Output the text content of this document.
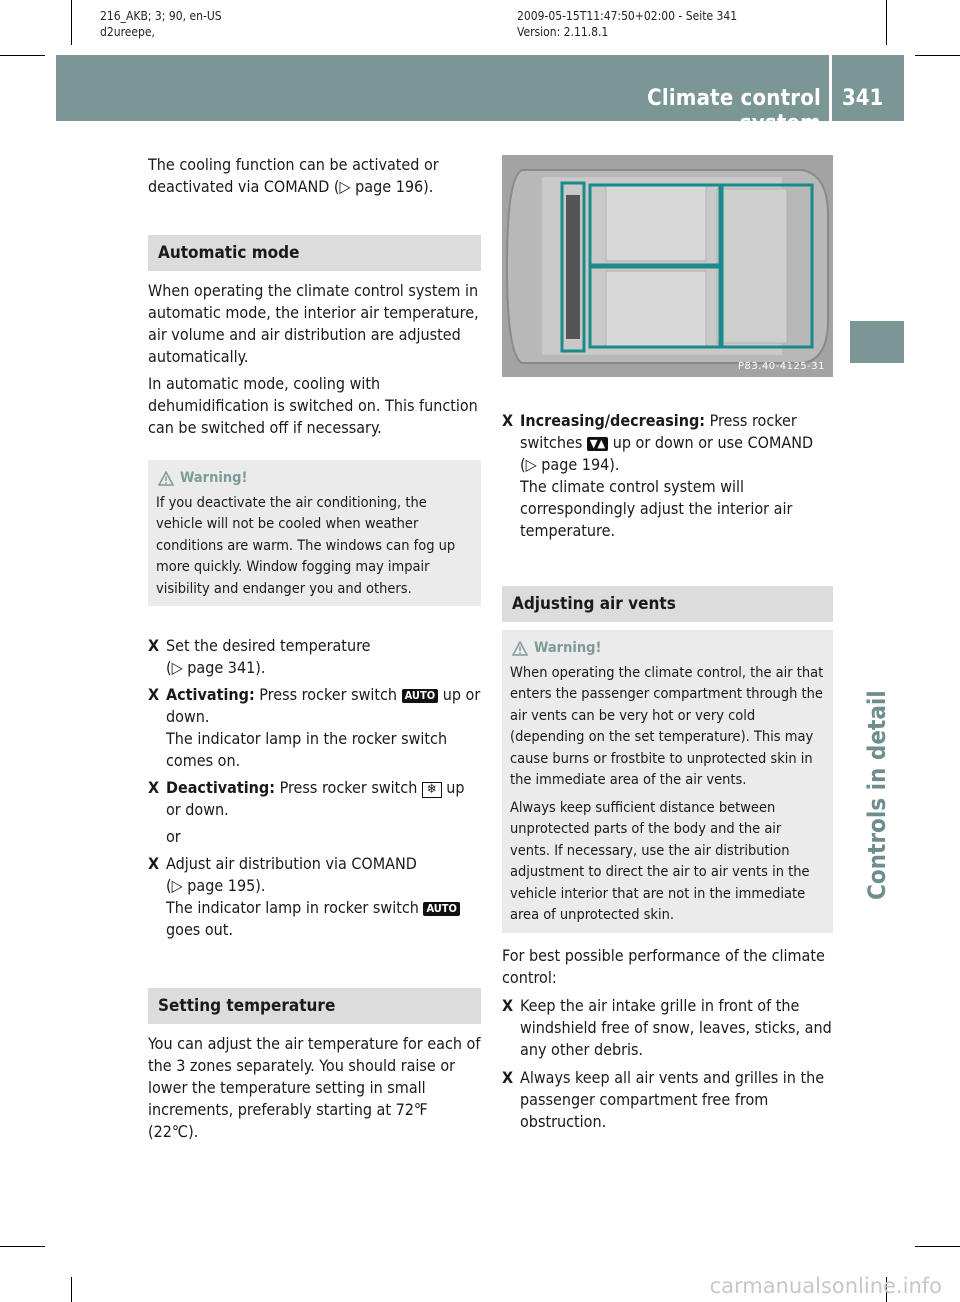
216_AKB; 3; 90, en-US
d2ureepe,
2009-05-15T11:47:50+02:00 - Seite 341
Version: 2.11.8.1
Climate control system
341
Controls in detail

The cooling function can be activated or deactivated via COMAND (▷ page 196).

Automatic mode

When operating the climate control system in automatic mode, the interior air temperature, air volume and air distribution are adjusted automatically.

In automatic mode, cooling with dehumidification is switched on. This function can be switched off if necessary.

Warning!

If you deactivate the air conditioning, the vehicle will not be cooled when weather conditions are warm. The windows can fog up more quickly. Window fogging may impair visibility and endanger you and others.

X Set the desired temperature
(▷ page 341).

X Activating: Press rocker switch AUTO up or down.
The indicator lamp in the rocker switch comes on.

X Deactivating: Press rocker switch ❄ up or down.

or

X Adjust air distribution via COMAND
(▷ page 195).
The indicator lamp in rocker switch AUTO
goes out.

Setting temperature

You can adjust the air temperature for each of the 3 zones separately. You should raise or lower the temperature setting in small increments, preferably starting at 72℉ (22℃).

P83.40-4125-31

X Increasing/decreasing: Press rocker switches ▼▲ up or down or use COMAND (▷ page 194).
The climate control system will correspondingly adjust the interior air temperature.

Adjusting air vents
Warning!

When operating the climate control, the air that enters the passenger compartment through the air vents can be very hot or very cold (depending on the set temperature). This may cause burns or frostbite to unprotected skin in the immediate area of the air vents.

Always keep sufficient distance between unprotected parts of the body and the air vents. If necessary, use the air distribution adjustment to direct the air to air vents in the vehicle interior that are not in the immediate area of unprotected skin.

For best possible performance of the climate control:

X Keep the air intake grille in front of the windshield free of snow, leaves, sticks, and any other debris.

X Always keep all air vents and grilles in the passenger compartment free from obstruction.

carmanualsonline.info
